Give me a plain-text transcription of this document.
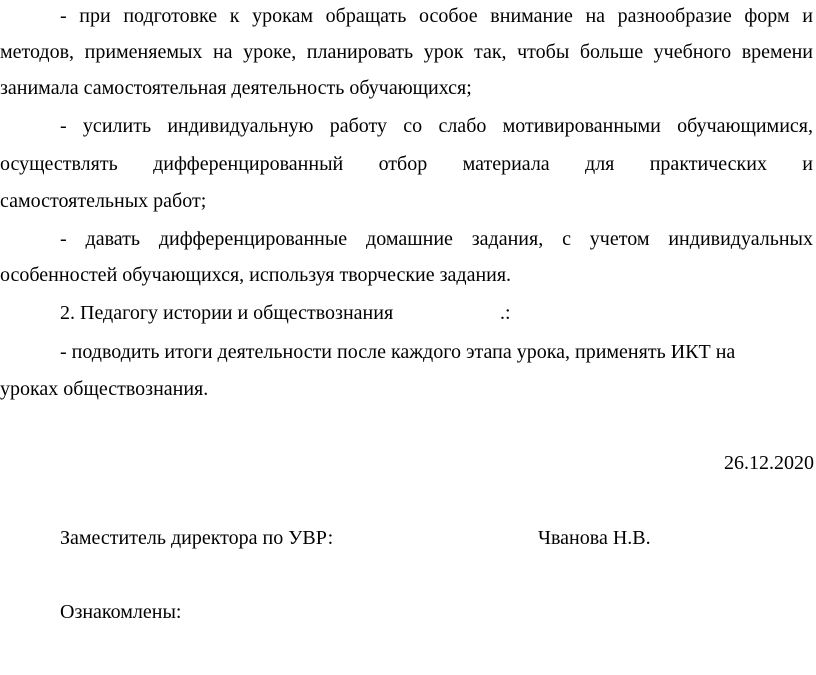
- при подготовке к урокам обращать особое внимание на разнообразие форм и
методов, применяемых на уроке, планировать урок так, чтобы больше учебного времени
занимала самостоятельная деятельность обучающихся;
- усилить индивидуальную работу со слабо мотивированными обучающимися,
осуществлять дифференцированный отбор материала для практических и
самостоятельных работ;
- давать дифференцированные домашние задания, с учетом индивидуальных
особенностей обучающихся, используя творческие задания.
2. Педагогу истории и обществознания	.:
- подводить итоги деятельности после каждого этапа урока, применять ИКТ на
уроках обществознания.
26.12.2020
Заместитель директора по УВР:	Чванова Н.В.
Ознакомлены:
